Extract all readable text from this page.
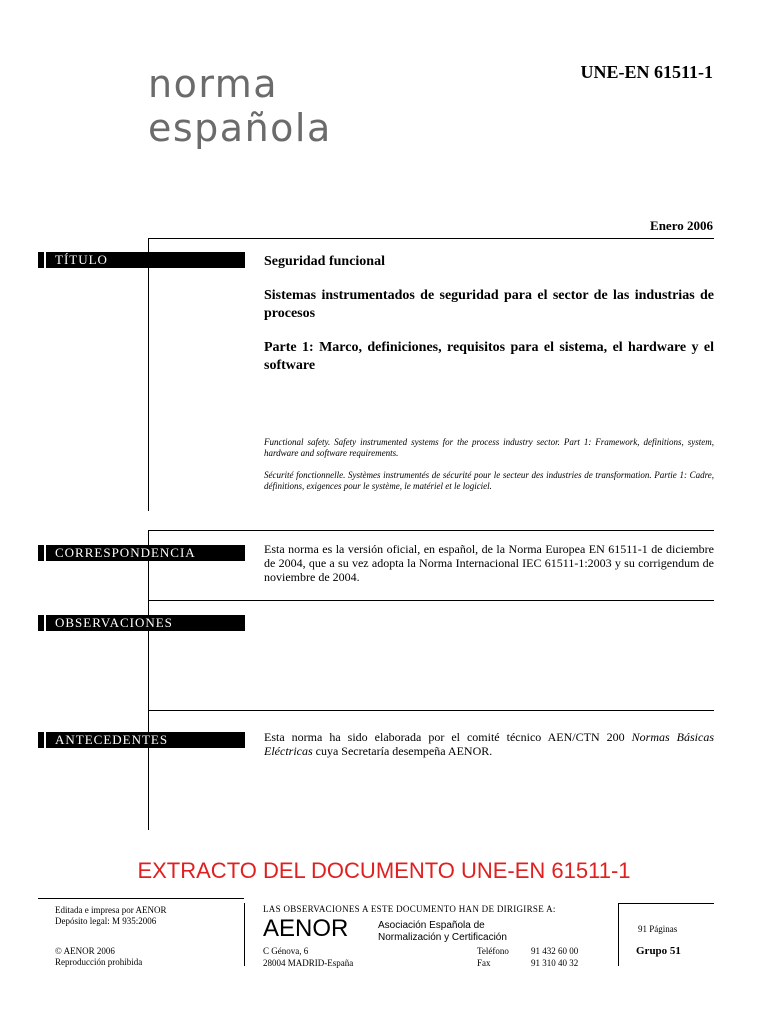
norma
española
UNE-EN 61511-1
Enero 2006
TÍTULO	Seguridad funcional

Sistemas instrumentados de seguridad para el sector de las industrias de procesos

Parte 1: Marco, definiciones, requisitos para el sistema, el hardware y el software

Functional safety. Safety instrumented systems for the process industry sector. Part 1: Framework, definitions, system, hardware and software requirements.

Sécurité fonctionnelle. Systèmes instrumentés de sécurité pour le secteur des industries de transformation. Partie 1: Cadre, définitions, exigences pour le système, le matériel et le logiciel.

CORRESPONDENCIA	Esta norma es la versión oficial, en español, de la Norma Europea EN 61511-1 de diciembre de 2004, que a su vez adopta la Norma Internacional IEC 61511-1:2003 y su corrigendum de noviembre de 2004.

OBSERVACIONES
ANTECEDENTES	Esta norma ha sido elaborada por el comité técnico AEN/CTN 200 Normas Básicas Eléctricas cuya Secretaría desempeña AENOR.

EXTRACTO DEL DOCUMENTO UNE-EN 61511-1
Editada e impresa por AENOR
Depósito legal: M 935:2006
© AENOR 2006
Reproducción prohibida
LAS OBSERVACIONES A ESTE DOCUMENTO HAN DE DIRIGIRSE A:
AENOR	Asociación Española de
Normalización y Certificación
C Génova, 6
28004 MADRID-España
Teléfono 91 432 60 00
Fax	91 310 40 32
91 Páginas
Grupo 51
